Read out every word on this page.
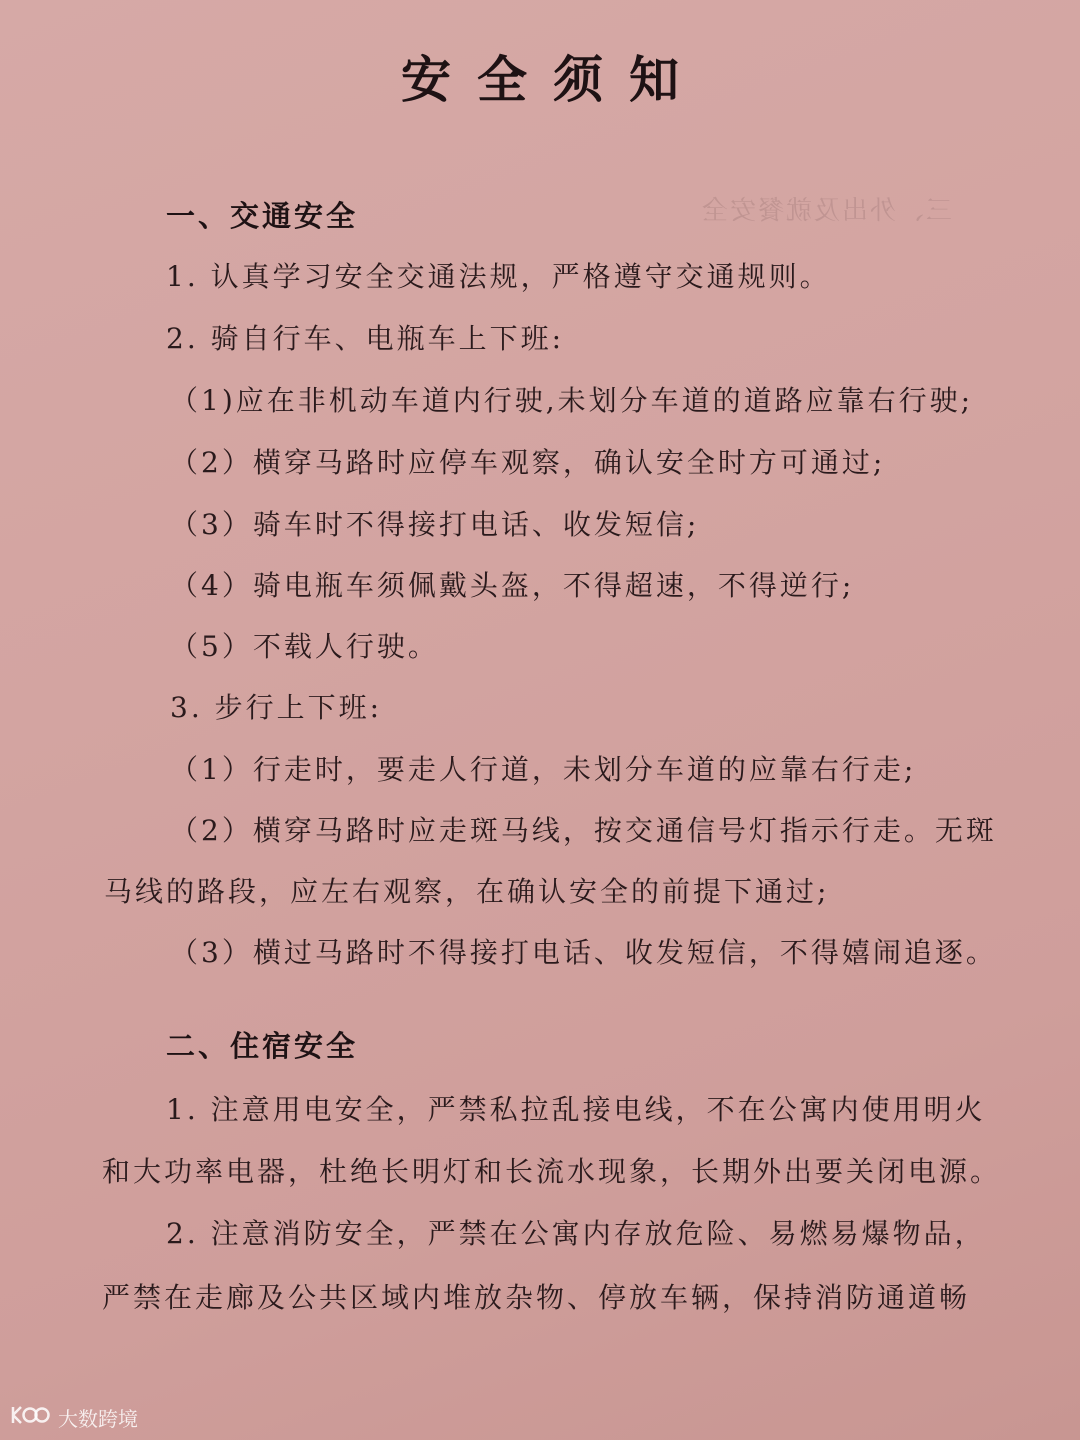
三、外出及就餐安全
安全须知
一、交通安全
1. 认真学习安全交通法规，严格遵守交通规则。
2. 骑自行车、电瓶车上下班:
（1)应在非机动车道内行驶,未划分车道的道路应靠右行驶;
（2）横穿马路时应停车观察，确认安全时方可通过;
（3）骑车时不得接打电话、收发短信;
（4）骑电瓶车须佩戴头盔，不得超速，不得逆行;
（5）不载人行驶。
3. 步行上下班:
（1）行走时，要走人行道，未划分车道的应靠右行走;
（2）横穿马路时应走斑马线，按交通信号灯指示行走。无斑
马线的路段，应左右观察，在确认安全的前提下通过;
（3）横过马路时不得接打电话、收发短信，不得嬉闹追逐。
二、住宿安全
1. 注意用电安全，严禁私拉乱接电线，不在公寓内使用明火
和大功率电器，杜绝长明灯和长流水现象，长期外出要关闭电源。
2. 注意消防安全，严禁在公寓内存放危险、易燃易爆物品，
严禁在走廊及公共区域内堆放杂物、停放车辆，保持消防通道畅
大数跨境
